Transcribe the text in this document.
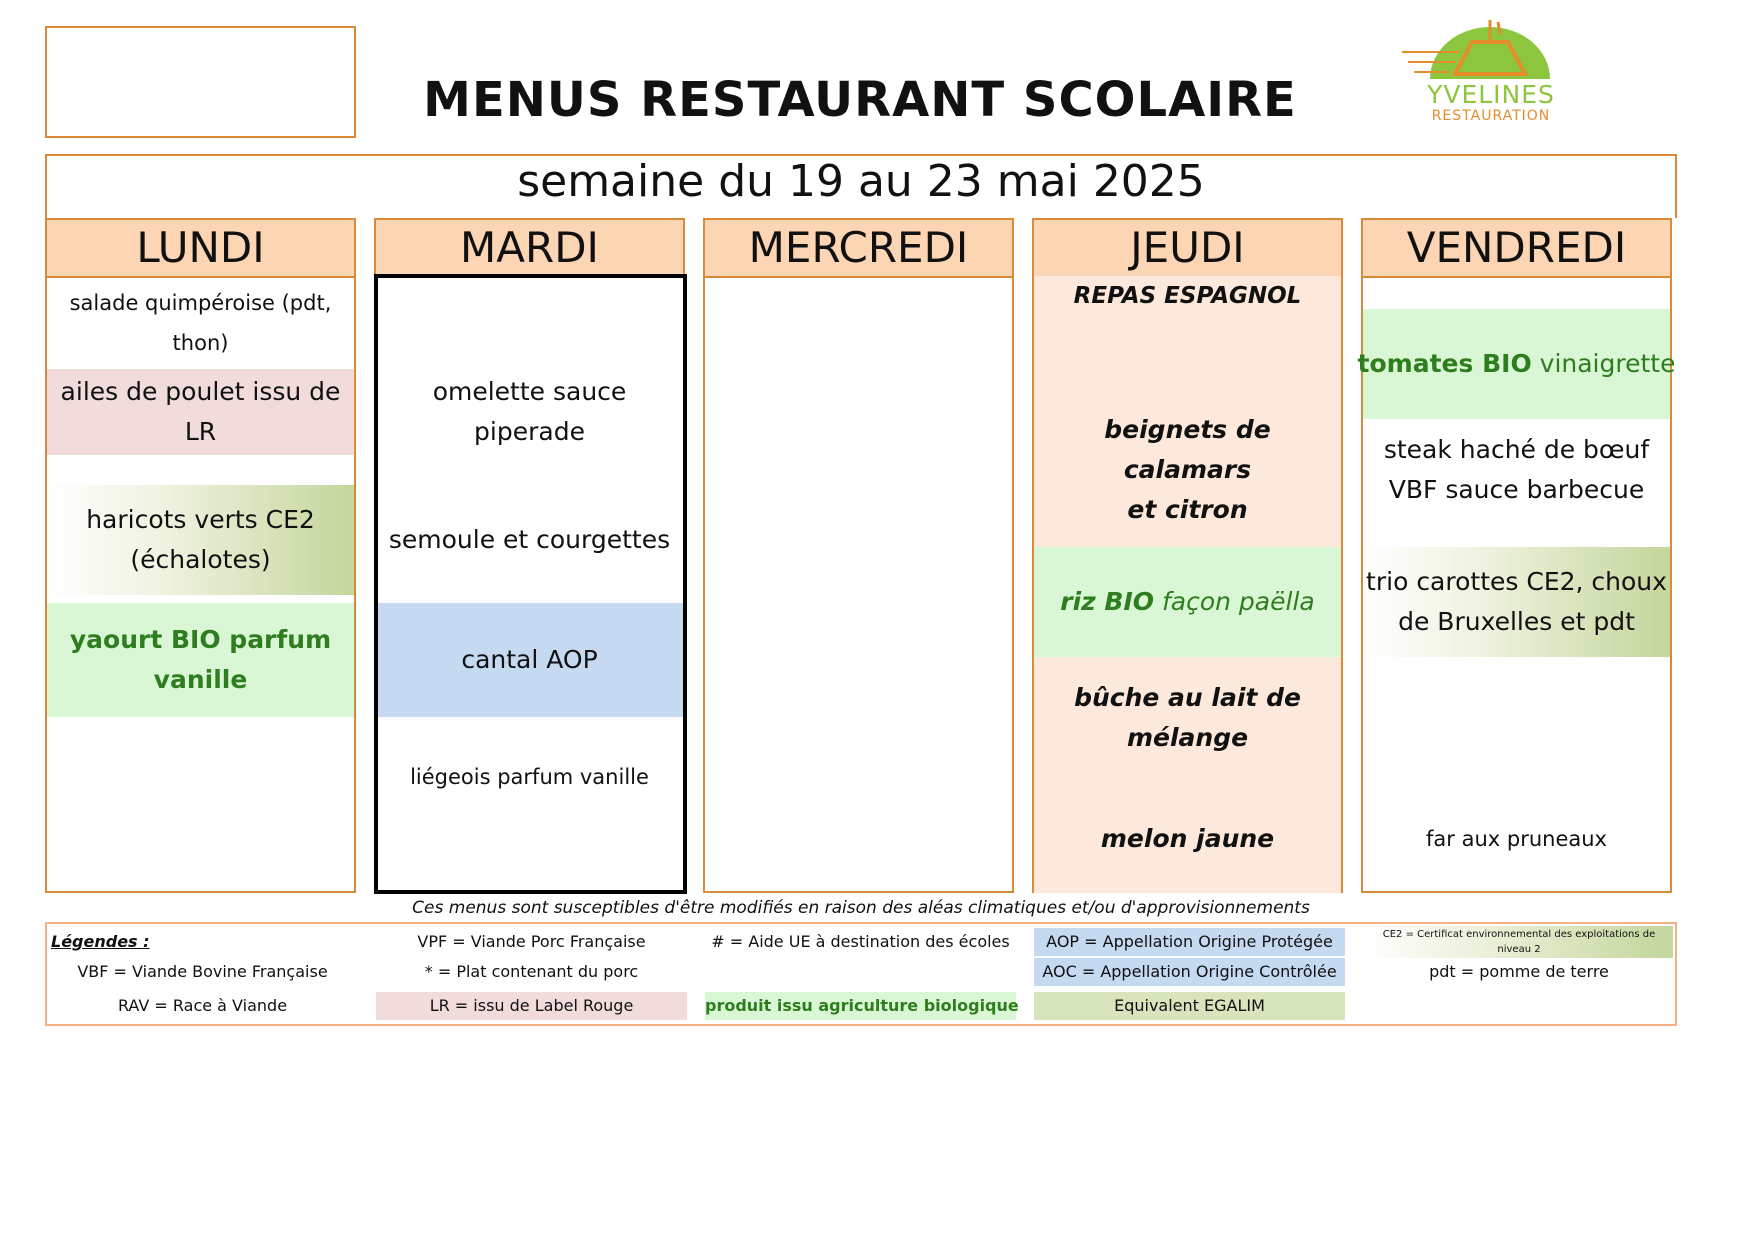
MENUS RESTAURANT SCOLAIRE	YVELINES
RESTAURATION
semaine du 19 au 23 mai 2025
LUNDI
salade quimpéroise (pdt, thon)
ailes de poulet issu de LR
haricots verts CE2
(échalotes)
yaourt BIO parfum
vanille
MARDI
omelette sauce piperade
semoule et courgettes
cantal AOP
liégeois parfum vanille
MERCREDI	JEUDI
REPAS ESPAGNOL
beignets de calamars
et citron
riz BIO façon paëlla
bûche au lait de
mélange
melon jaune
VENDREDI
tomates BIO vinaigrette
steak haché de bœuf
VBF sauce barbecue
trio carottes CE2, choux
de Bruxelles et pdt
far aux pruneaux
Ces menus sont susceptibles d'être modifiés en raison des aléas climatiques et/ou d'approvisionnements
Légendes :
VBF = Viande Bovine Française
RAV = Race à Viande
VPF = Viande Porc Française
* = Plat contenant du porc
LR = issu de Label Rouge
# = Aide UE à destination des écoles
produit issu agriculture biologique
AOP = Appellation Origine Protégée
AOC = Appellation Origine Contrôlée
Equivalent EGALIM
CE2 = Certificat environnemental des exploitations de niveau 2
pdt = pomme de terre
